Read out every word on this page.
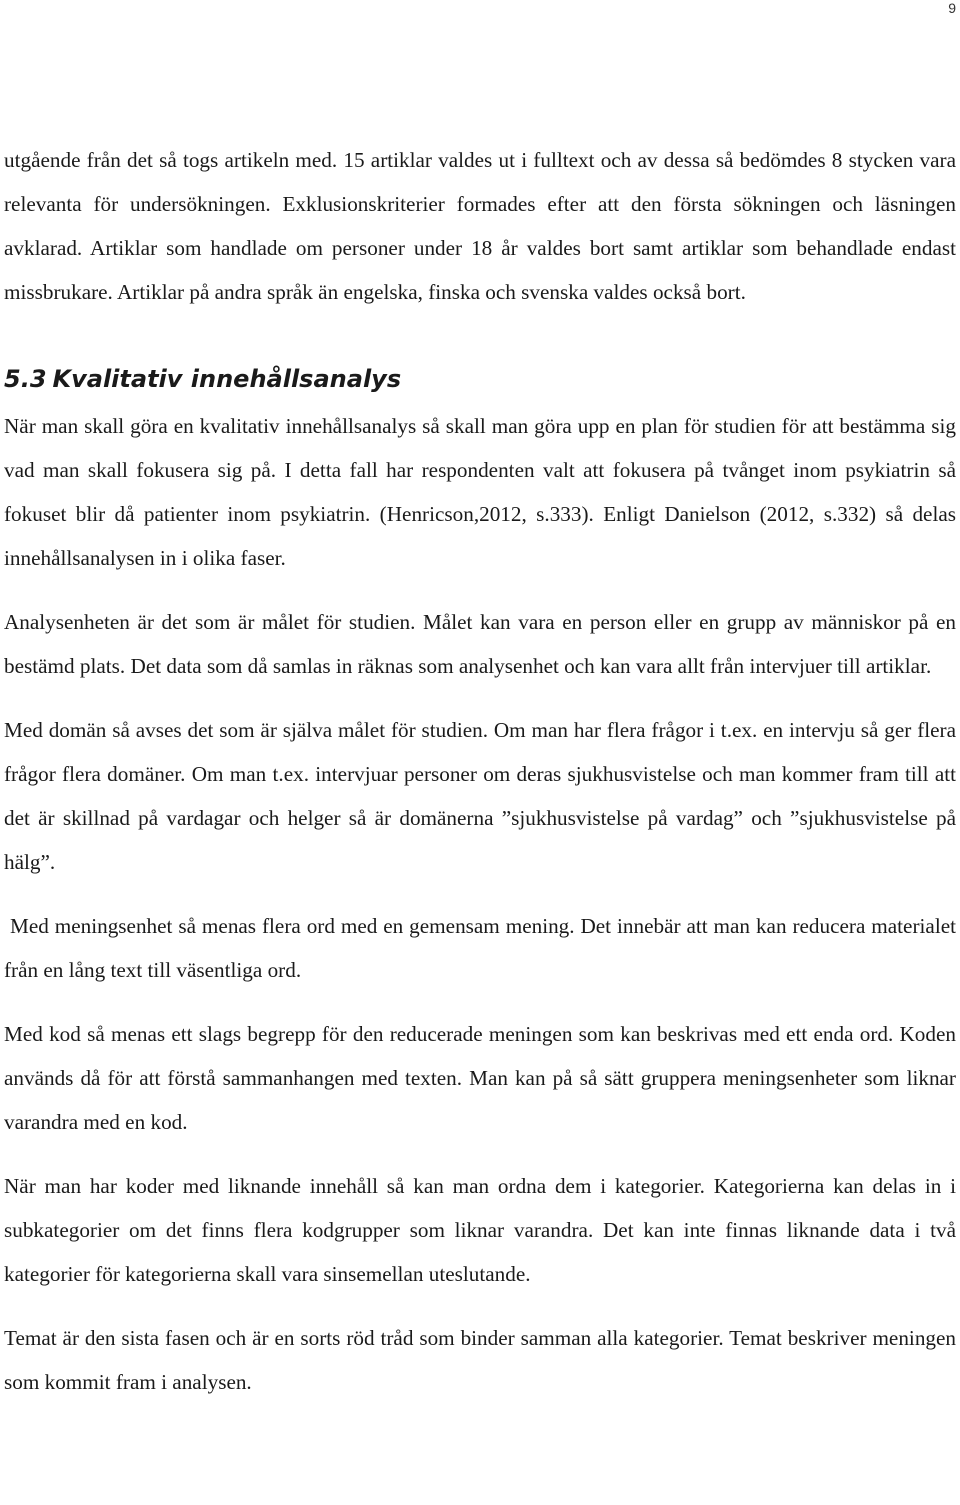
9

utgående från det så togs artikeln med. 15 artiklar valdes ut i fulltext och av dessa så bedömdes 8 stycken vara relevanta för undersökningen. Exklusionskriterier formades efter att den första sökningen och läsningen avklarad. Artiklar som handlade om personer under 18 år valdes bort samt artiklar som behandlade endast missbrukare. Artiklar på andra språk än engelska, finska och svenska valdes också bort.

5.3 Kvalitativ innehållsanalys

När man skall göra en kvalitativ innehållsanalys så skall man göra upp en plan för studien för att bestämma sig vad man skall fokusera sig på. I detta fall har respondenten valt att fokusera på tvånget inom psykiatrin så fokuset blir då patienter inom psykiatrin. (Henricson,2012, s.333). Enligt Danielson (2012, s.332) så delas innehållsanalysen in i olika faser.

Analysenheten är det som är målet för studien. Målet kan vara en person eller en grupp av människor på en bestämd plats. Det data som då samlas in räknas som analysenhet och kan vara allt från intervjuer till artiklar.

Med domän så avses det som är själva målet för studien. Om man har flera frågor i t.ex. en intervju så ger flera frågor flera domäner. Om man t.ex. intervjuar personer om deras sjukhusvistelse och man kommer fram till att det är skillnad på vardagar och helger så är domänerna ”sjukhusvistelse på vardag” och ”sjukhusvistelse på hälg”.

Med meningsenhet så menas flera ord med en gemensam mening. Det innebär att man kan reducera materialet från en lång text till väsentliga ord.

Med kod så menas ett slags begrepp för den reducerade meningen som kan beskrivas med ett enda ord. Koden används då för att förstå sammanhangen med texten. Man kan på så sätt gruppera meningsenheter som liknar varandra med en kod.

När man har koder med liknande innehåll så kan man ordna dem i kategorier. Kategorierna kan delas in i subkategorier om det finns flera kodgrupper som liknar varandra. Det kan inte finnas liknande data i två kategorier för kategorierna skall vara sinsemellan uteslutande.

Temat är den sista fasen och är en sorts röd tråd som binder samman alla kategorier. Temat beskriver meningen som kommit fram i analysen.
